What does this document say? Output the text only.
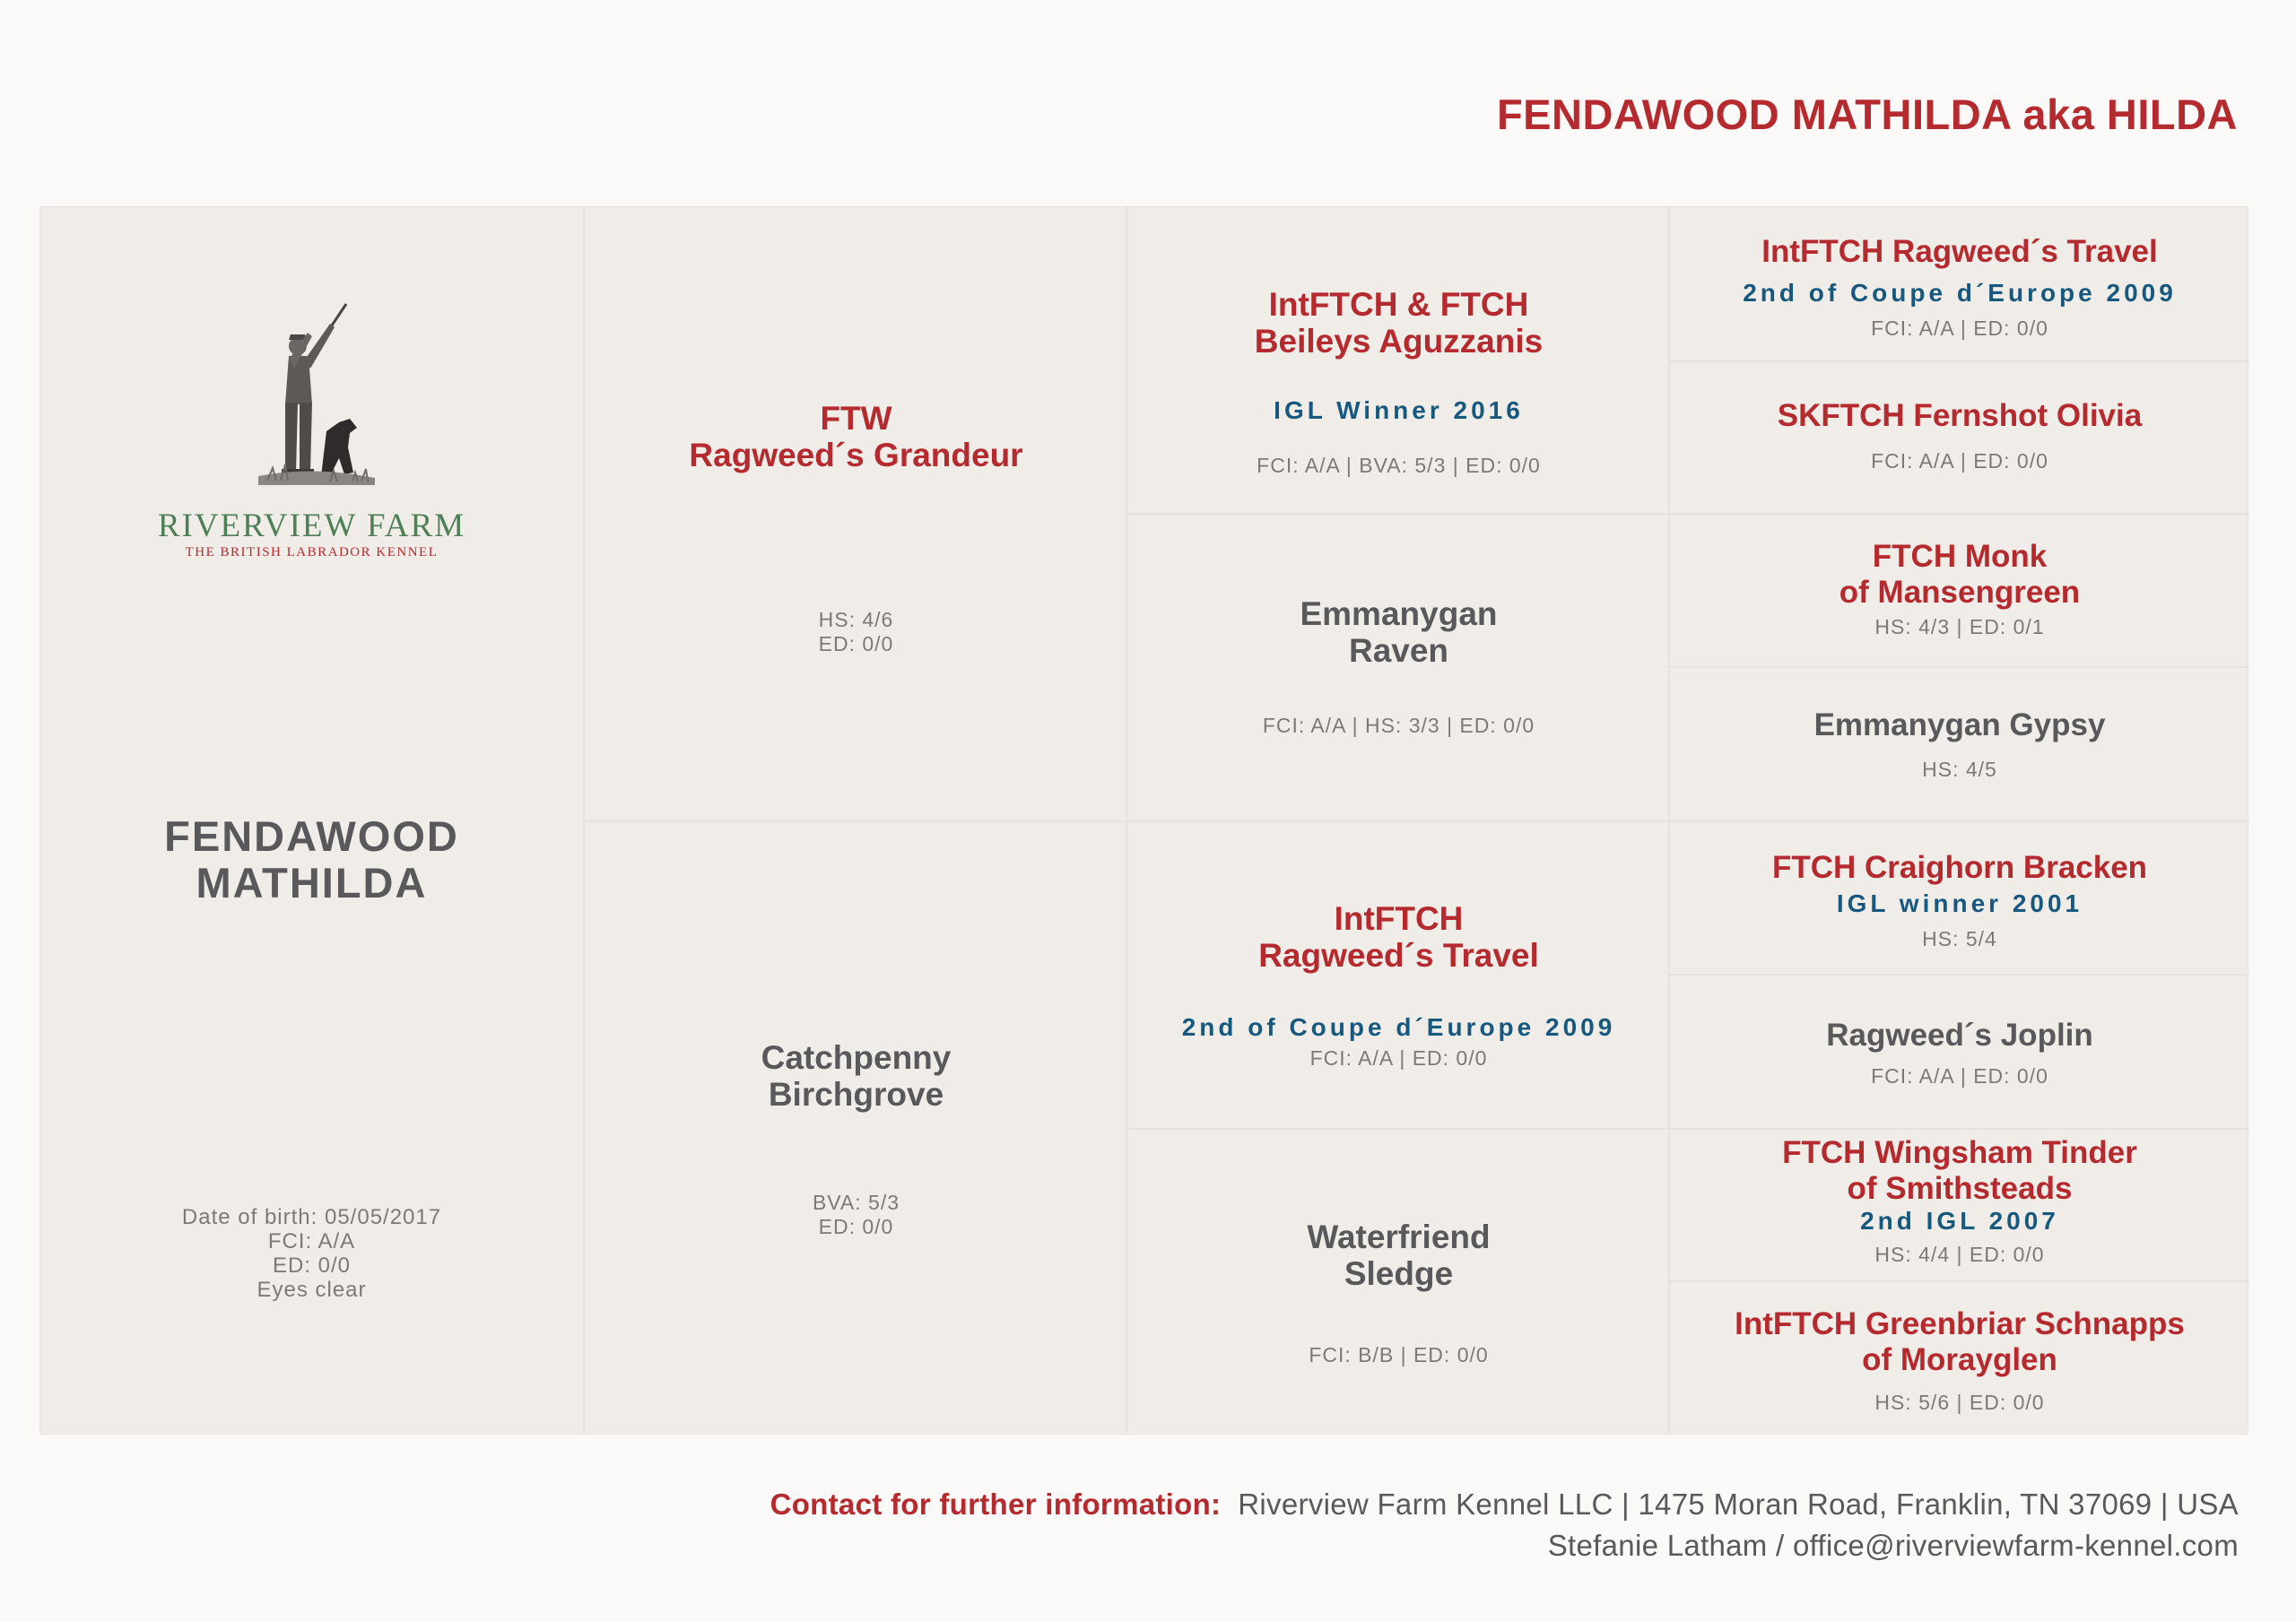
FENDAWOOD MATHILDA aka HILDA
RIVERVIEW FARM
THE BRITISH LABRADOR KENNEL
FENDAWOOD
MATHILDA
Date of birth: 05/05/2017
FCI: A/A
ED: 0/0
Eyes clear
FTW
Ragweed´s Grandeur
HS: 4/6
ED: 0/0
Catchpenny
Birchgrove
BVA: 5/3
ED: 0/0
IntFTCH & FTCH
Beileys Aguzzanis
IGL Winner 2016
FCI: A/A | BVA: 5/3 | ED: 0/0
Emmanygan
Raven
FCI: A/A | HS: 3/3 | ED: 0/0
IntFTCH
Ragweed´s Travel
2nd of Coupe d´Europe 2009
FCI: A/A | ED: 0/0
Waterfriend
Sledge
FCI: B/B | ED: 0/0
IntFTCH Ragweed´s Travel
2nd of Coupe d´Europe 2009
FCI: A/A | ED: 0/0
SKFTCH Fernshot Olivia
FCI: A/A | ED: 0/0
FTCH Monk
of Mansengreen
HS: 4/3 | ED: 0/1
Emmanygan Gypsy
HS: 4/5
FTCH Craighorn Bracken
IGL winner 2001
HS: 5/4
Ragweed´s Joplin
FCI: A/A | ED: 0/0
FTCH Wingsham Tinder
of Smithsteads
2nd IGL 2007
HS: 4/4 | ED: 0/0
IntFTCH Greenbriar Schnapps
of Morayglen
HS: 5/6 | ED: 0/0
Contact for further information: Riverview Farm Kennel LLC | 1475 Moran Road, Franklin, TN 37069 | USA
Stefanie Latham / office@riverviewfarm-kennel.com
